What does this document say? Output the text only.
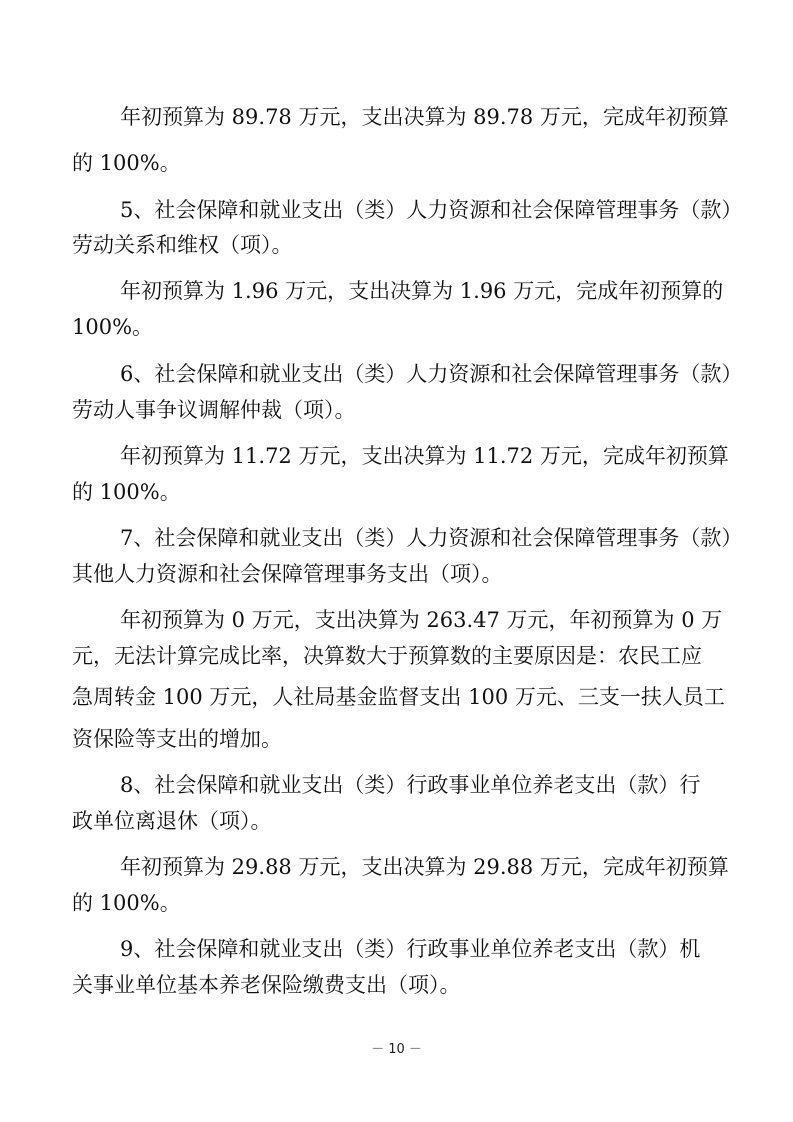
年初预算为 89.78 万元，支出决算为 89.78 万元，完成年初预算
的 100%。
5、社会保障和就业支出（类）人力资源和社会保障管理事务（款）
劳动关系和维权（项）。
年初预算为 1.96 万元，支出决算为 1.96 万元，完成年初预算的
100%。
6、社会保障和就业支出（类）人力资源和社会保障管理事务（款）
劳动人事争议调解仲裁（项）。
年初预算为 11.72 万元，支出决算为 11.72 万元，完成年初预算
的 100%。
7、社会保障和就业支出（类）人力资源和社会保障管理事务（款）
其他人力资源和社会保障管理事务支出（项）。
年初预算为 0 万元，支出决算为 263.47 万元，年初预算为 0 万
元，无法计算完成比率，决算数大于预算数的主要原因是：农民工应
急周转金 100 万元，人社局基金监督支出 100 万元、三支一扶人员工
资保险等支出的增加。
8、社会保障和就业支出（类）行政事业单位养老支出（款）行
政单位离退休（项）。
年初预算为 29.88 万元，支出决算为 29.88 万元，完成年初预算
的 100%。
9、社会保障和就业支出（类）行政事业单位养老支出（款）机
关事业单位基本养老保险缴费支出（项）。
－ 10 －
